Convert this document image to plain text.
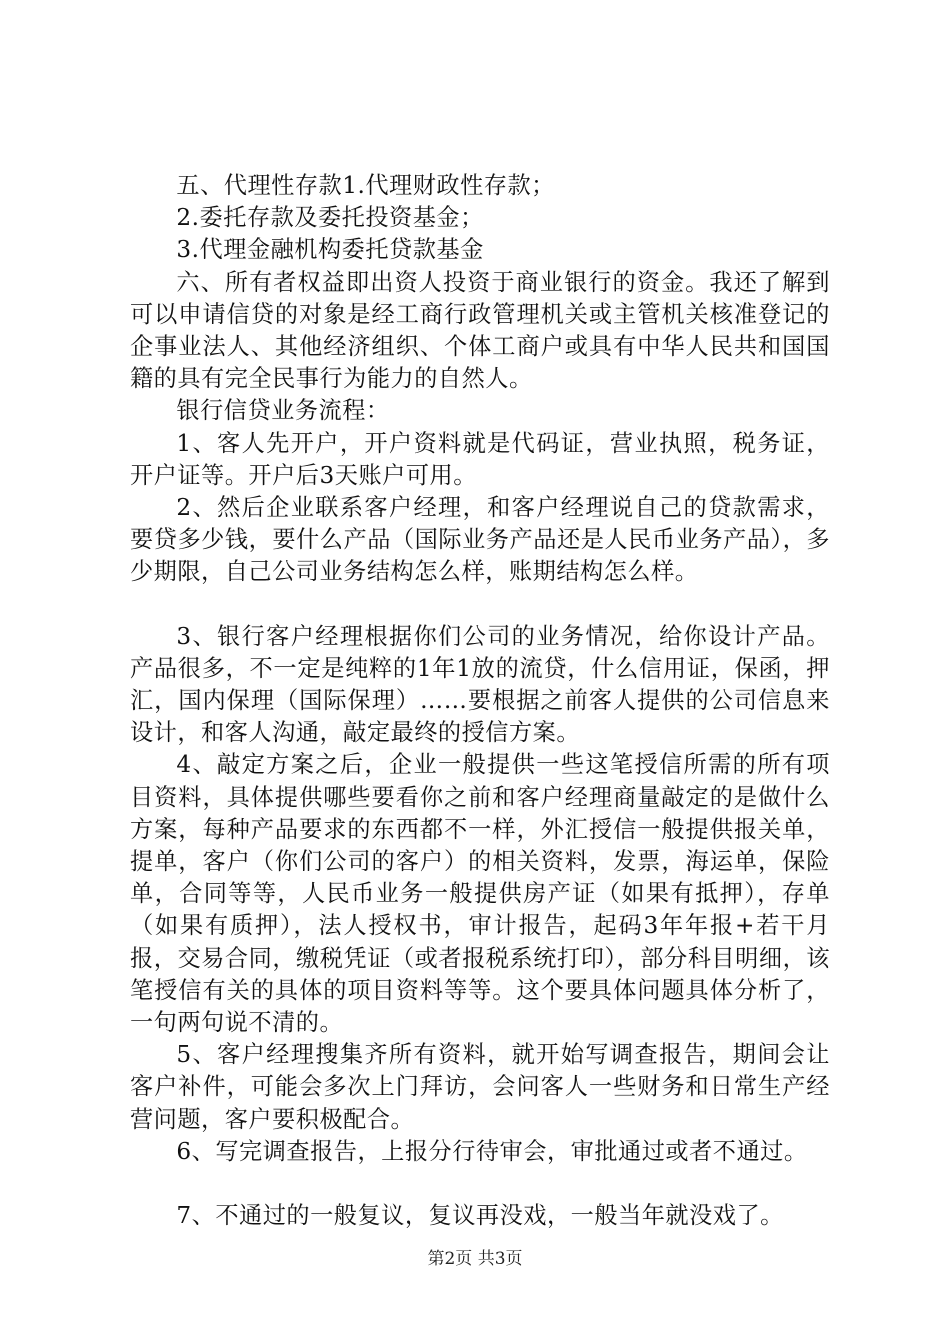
五、代理性存款1.代理财政性存款；

2.委托存款及委托投资基金；

3.代理金融机构委托贷款基金

六、所有者权益即出资人投资于商业银行的资金。我还了解到可以申请信贷的对象是经工商行政管理机关或主管机关核准登记的企事业法人、其他经济组织、个体工商户或具有中华人民共和国国籍的具有完全民事行为能力的自然人。

银行信贷业务流程：

1、客人先开户，开户资料就是代码证，营业执照，税务证，开户证等。开户后3天账户可用。

2、然后企业联系客户经理，和客户经理说自己的贷款需求，要贷多少钱，要什么产品（国际业务产品还是人民币业务产品），多少期限，自己公司业务结构怎么样，账期结构怎么样。

3、银行客户经理根据你们公司的业务情况，给你设计产品。产品很多，不一定是纯粹的1年1放的流贷，什么信用证，保函，押汇，国内保理（国际保理）……要根据之前客人提供的公司信息来设计，和客人沟通，敲定最终的授信方案。

4、敲定方案之后，企业一般提供一些这笔授信所需的所有项目资料，具体提供哪些要看你之前和客户经理商量敲定的是做什么方案，每种产品要求的东西都不一样，外汇授信一般提供报关单，提单，客户（你们公司的客户）的相关资料，发票，海运单，保险单，合同等等，人民币业务一般提供房产证（如果有抵押），存单（如果有质押），法人授权书，审计报告，起码3年年报+若干月报，交易合同，缴税凭证（或者报税系统打印），部分科目明细，该笔授信有关的具体的项目资料等等。这个要具体问题具体分析了，一句两句说不清的。

5、客户经理搜集齐所有资料，就开始写调查报告，期间会让客户补件，可能会多次上门拜访，会问客人一些财务和日常生产经营问题，客户要积极配合。

6、写完调查报告，上报分行待审会，审批通过或者不通过。

7、不通过的一般复议，复议再没戏，一般当年就没戏了。

第2页 共3页
